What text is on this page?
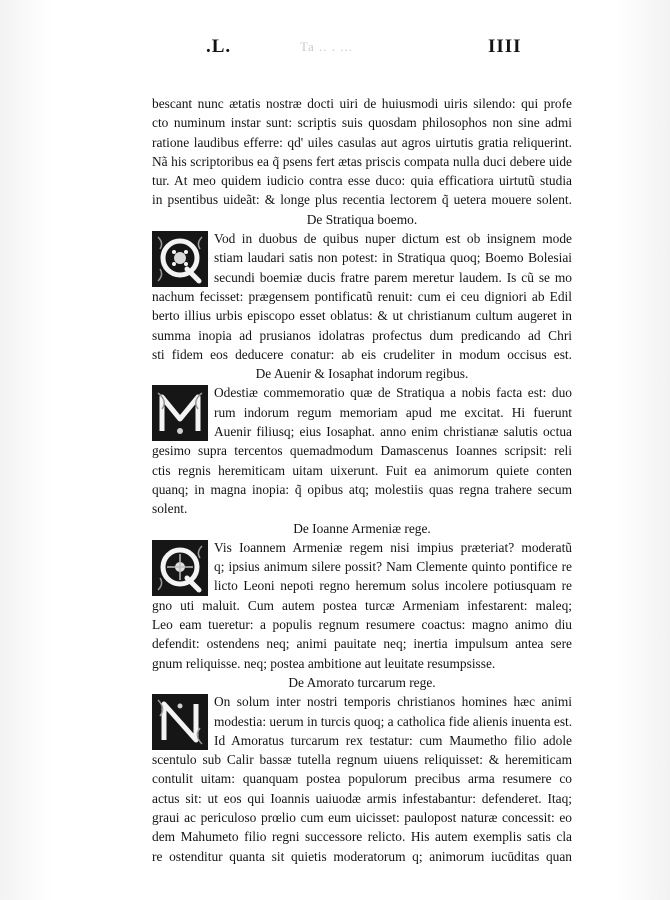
.L.	Ta .. . ...	IIII
bescant nunc ætatis nostræ docti uiri de huiusmodi uiris silendo: qui profe
cto numinum instar sunt: scriptis suis quosdam philosophos non sine admi
ratione laudibus efferre: qd' uiles casulas aut agros uirtutis gratia reliquerint.
Nã his scriptoribus ea q̃ psens fert ætas priscis compata nulla duci debere uide
tur. At meo quidem iudicio contra esse duco: quia efficatiora uirtutũ studia
in psentibus uideãt: & longe plus recentia lectorem q̃ uetera mouere solent.
De Stratiqua boemo.
Vod in duobus de quibus nuper dictum est ob insignem mode
stiam laudari satis non potest: in Stratiqua quoq; Boemo Bolesiai
secundi boemiæ ducis fratre parem meretur laudem. Is cũ se mo
nachum fecisset: prægensem pontificatũ renuit: cum ei ceu digniori ab Edil
berto illius urbis episcopo esset oblatus: & ut christianum cultum augeret in
summa inopia ad prusianos idolatras profectus dum predicando ad Chri
sti fidem eos deducere conatur: ab eis crudeliter in modum occisus est.
De Auenir & Iosaphat indorum regibus.
Odestiæ commemoratio quæ de Stratiqua a nobis facta est: duo
rum indorum regum memoriam apud me excitat. Hi fuerunt
Auenir filiusq; eius Iosaphat. anno enim christianæ salutis octua
gesimo supra tercentos quemadmodum Damascenus Ioannes scripsit: reli
ctis regnis heremiticam uitam uixerunt. Fuit ea animorum quiete conten
quanq; in magna inopia: q̃ opibus atq; molestiis quas regna trahere secum
solent.
De Ioanne Armeniæ rege.
Vis Ioannem Armeniæ regem nisi impius præteriat? moderatũ
q; ipsius animum silere possit? Nam Clemente quinto pontifice re
licto Leoni nepoti regno heremum solus incolere potiusquam re
gno uti maluit. Cum autem postea turcæ Armeniam infestarent: maleq;
Leo eam tueretur: a populis regnum resumere coactus: magno animo diu
defendit: ostendens neq; animi pauitate neq; inertia impulsum antea sere
gnum reliquisse. neq; postea ambitione aut leuitate resumpsisse.
De Amorato turcarum rege.
On solum inter nostri temporis christianos homines hæc animi
modestia: uerum in turcis quoq; a catholica fide alienis inuenta est.
Id Amoratus turcarum rex testatur: cum Maumetho filio adole
scentulo sub Calir bassæ tutella regnum uiuens reliquisset: & heremiticam
contulit uitam: quanquam postea populorum precibus arma resumere co
actus sit: ut eos qui Ioannis uaiuodæ armis infestabantur: defenderet. Itaq;
graui ac periculoso prœlio cum eum uicisset: paulopost naturæ concessit: eo
dem Mahumeto filio regni successore relicto. His autem exemplis satis cla
re ostenditur quanta sit quietis moderatorum q; animorum iucūditas quan
